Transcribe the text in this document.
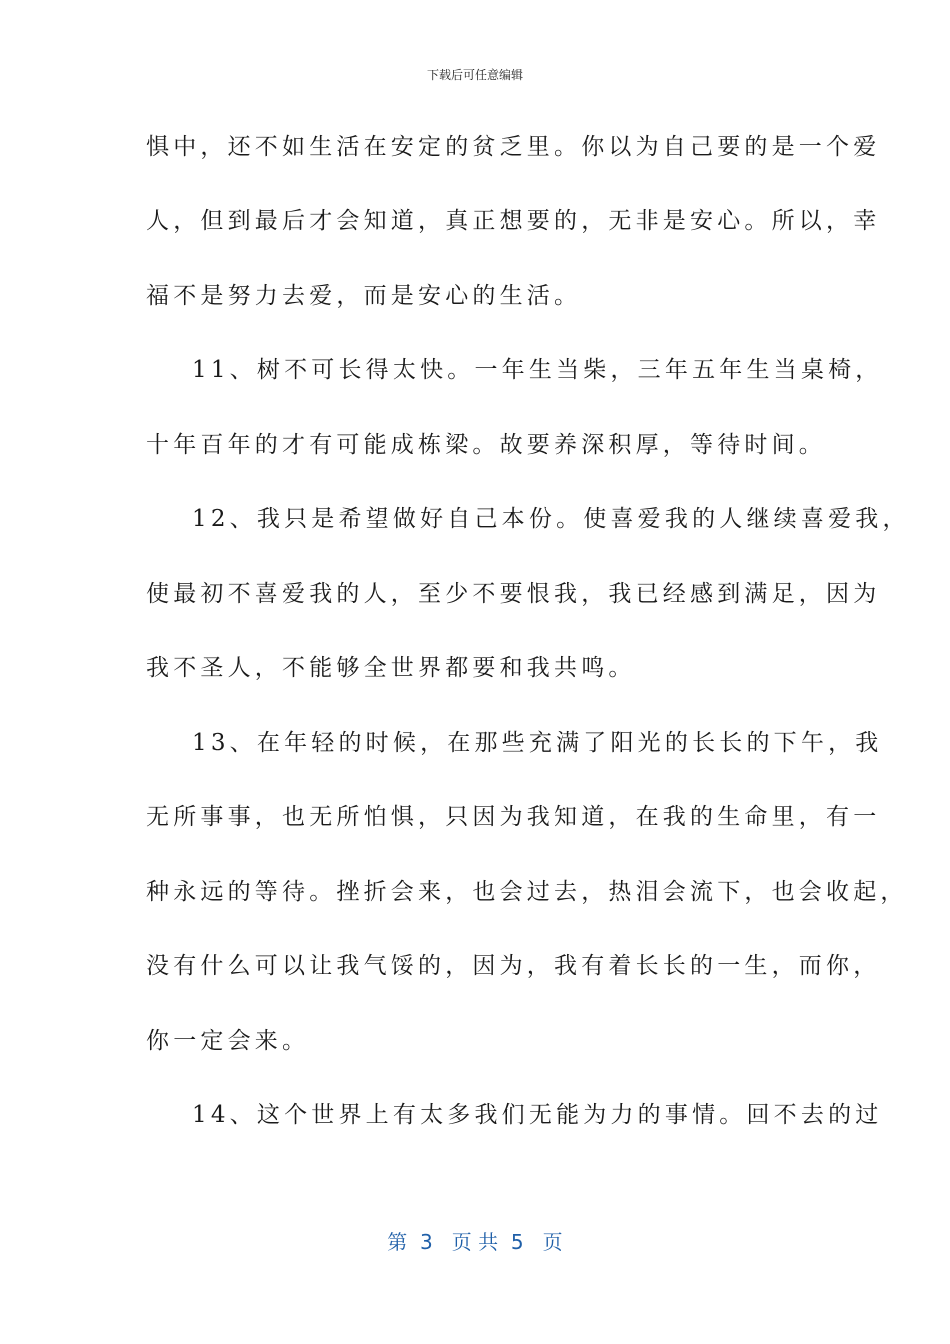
下载后可任意编辑
惧中，还不如生活在安定的贫乏里。你以为自己要的是一个爱
人，但到最后才会知道，真正想要的，无非是安心。所以，幸
福不是努力去爱，而是安心的生活。
11、树不可长得太快。一年生当柴，三年五年生当桌椅，
十年百年的才有可能成栋梁。故要养深积厚，等待时间。
12、我只是希望做好自己本份。使喜爱我的人继续喜爱我，
使最初不喜爱我的人，至少不要恨我，我已经感到满足，因为
我不圣人，不能够全世界都要和我共鸣。
13、在年轻的时候，在那些充满了阳光的长长的下午，我
无所事事，也无所怕惧，只因为我知道，在我的生命里，有一
种永远的等待。挫折会来，也会过去，热泪会流下，也会收起，
没有什么可以让我气馁的，因为，我有着长长的一生，而你，
你一定会来。
14、这个世界上有太多我们无能为力的事情。回不去的过
第  3   页 共  5   页
